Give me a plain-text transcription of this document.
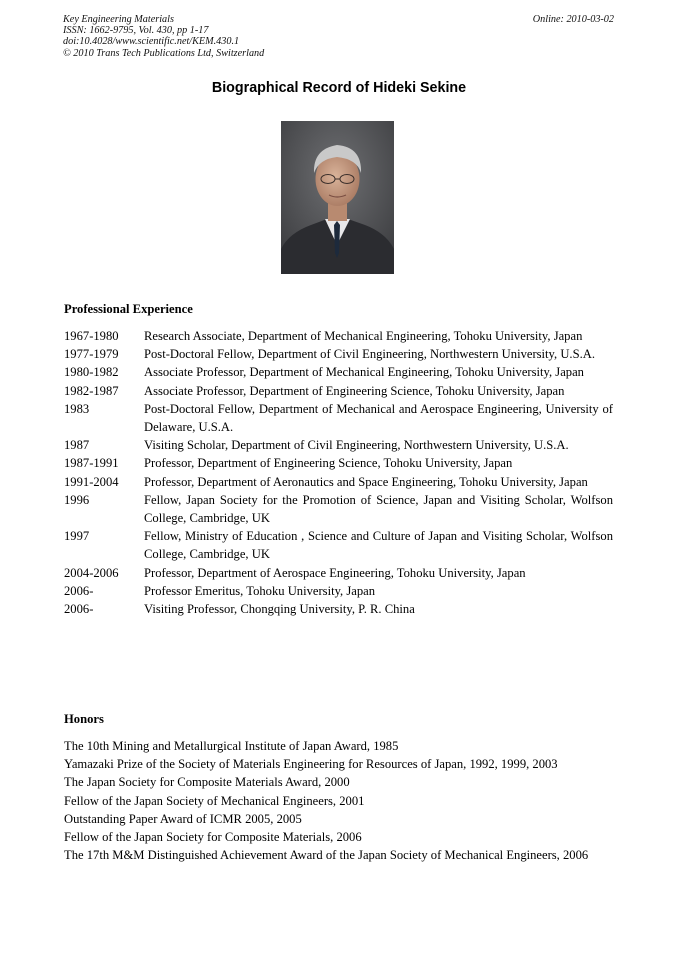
Key Engineering Materials
ISSN: 1662-9795, Vol. 430, pp 1-17
doi:10.4028/www.scientific.net/KEM.430.1
© 2010 Trans Tech Publications Ltd, Switzerland
Online: 2010-03-02
Biographical Record of Hideki Sekine
Professional Experience
1967-1980	Research Associate, Department of Mechanical Engineering, Tohoku University, Japan
1977-1979	Post-Doctoral Fellow, Department of Civil Engineering, Northwestern University, U.S.A.
1980-1982	Associate Professor, Department of Mechanical Engineering, Tohoku University, Japan
1982-1987	Associate Professor, Department of Engineering Science, Tohoku University, Japan
1983	Post-Doctoral Fellow, Department of Mechanical and Aerospace Engineering, University of Delaware, U.S.A.
1987	Visiting Scholar, Department of Civil Engineering, Northwestern University, U.S.A.
1987-1991	Professor, Department of Engineering Science, Tohoku University, Japan
1991-2004	Professor, Department of Aeronautics and Space Engineering, Tohoku University, Japan
1996	Fellow, Japan Society for the Promotion of Science, Japan and Visiting Scholar, Wolfson College, Cambridge, UK
1997	Fellow, Ministry of Education , Science and Culture of Japan and Visiting Scholar, Wolfson College, Cambridge, UK
2004-2006	Professor, Department of Aerospace Engineering, Tohoku University, Japan
2006-	Professor Emeritus, Tohoku University, Japan
2006-	Visiting Professor, Chongqing University, P. R. China
Honors
The 10th Mining and Metallurgical Institute of Japan Award, 1985
Yamazaki Prize of the Society of Materials Engineering for Resources of Japan, 1992, 1999, 2003
The Japan Society for Composite Materials Award, 2000
Fellow of the Japan Society of Mechanical Engineers, 2001
Outstanding Paper Award of ICMR 2005, 2005
Fellow of the Japan Society for Composite Materials, 2006
The 17th M&M Distinguished Achievement Award of the Japan Society of Mechanical Engineers, 2006
